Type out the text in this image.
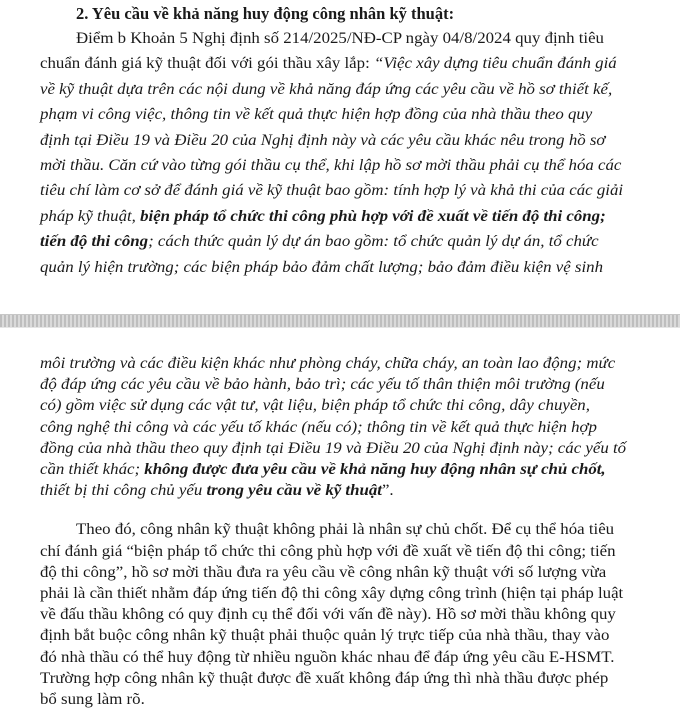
2. Yêu cầu về khả năng huy động công nhân kỹ thuật:
Điểm b Khoản 5 Nghị định số 214/2025/NĐ-CP ngày 04/8/2024 quy định tiêu
chuẩn đánh giá kỹ thuật đối với gói thầu xây lắp: “Việc xây dựng tiêu chuẩn đánh giá
về kỹ thuật dựa trên các nội dung về khả năng đáp ứng các yêu cầu về hồ sơ thiết kế,
phạm vi công việc, thông tin về kết quả thực hiện hợp đồng của nhà thầu theo quy
định tại Điều 19 và Điều 20 của Nghị định này và các yêu cầu khác nêu trong hồ sơ
mời thầu. Căn cứ vào từng gói thầu cụ thể, khi lập hồ sơ mời thầu phải cụ thể hóa các
tiêu chí làm cơ sở để đánh giá về kỹ thuật bao gồm: tính hợp lý và khả thi của các giải
pháp kỹ thuật, biện pháp tổ chức thi công phù hợp với đề xuất về tiến độ thi công;
tiến độ thi công; cách thức quản lý dự án bao gồm: tổ chức quản lý dự án, tổ chức
quản lý hiện trường; các biện pháp bảo đảm chất lượng; bảo đảm điều kiện vệ sinh
môi trường và các điều kiện khác như phòng cháy, chữa cháy, an toàn lao động; mức
độ đáp ứng các yêu cầu về bảo hành, bảo trì; các yếu tố thân thiện môi trường (nếu
có) gồm việc sử dụng các vật tư, vật liệu, biện pháp tổ chức thi công, dây chuyền,
công nghệ thi công và các yếu tố khác (nếu có); thông tin về kết quả thực hiện hợp
đồng của nhà thầu theo quy định tại Điều 19 và Điều 20 của Nghị định này; các yếu tố
cần thiết khác; không được đưa yêu cầu về khả năng huy động nhân sự chủ chốt,
thiết bị thi công chủ yếu trong yêu cầu về kỹ thuật”.
Theo đó, công nhân kỹ thuật không phải là nhân sự chủ chốt. Để cụ thể hóa tiêu
chí đánh giá “biện pháp tổ chức thi công phù hợp với đề xuất về tiến độ thi công; tiến
độ thi công”, hồ sơ mời thầu đưa ra yêu cầu về công nhân kỹ thuật với số lượng vừa
phải là cần thiết nhằm đáp ứng tiến độ thi công xây dựng công trình (hiện tại pháp luật
về đấu thầu không có quy định cụ thể đối với vấn đề này). Hồ sơ mời thầu không quy
định bắt buộc công nhân kỹ thuật phải thuộc quản lý trực tiếp của nhà thầu, thay vào
đó nhà thầu có thể huy động từ nhiều nguồn khác nhau để đáp ứng yêu cầu E-HSMT.
Trường hợp công nhân kỹ thuật được đề xuất không đáp ứng thì nhà thầu được phép
bổ sung làm rõ.
